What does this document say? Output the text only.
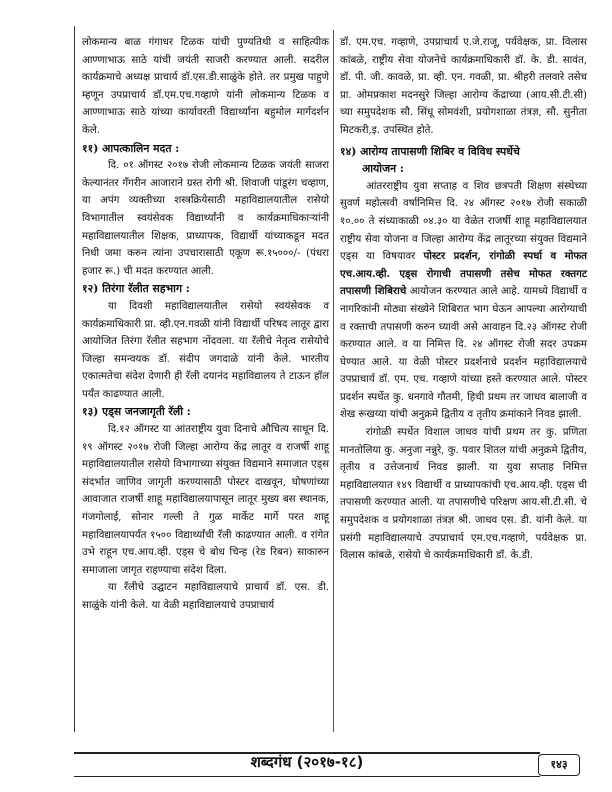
लोकमान्य बाळ गंगाधर टिळक यांची पुण्यतिथी व साहित्यीक आण्णाभाऊ साठे यांची जयंती साजरी करण्यात आली. सदरील कार्यक्रमाचे अध्यक्ष प्राचार्य डॉ.एस.डी.साळुंके होते. तर प्रमुख पाहुणे म्हणून उपप्राचार्य डॉ.एम.एच.गव्हाणे यांनी लोकमान्य टिळक व आण्णाभाऊ साठे यांच्या कार्यावरती विद्यार्थ्यांना बहुमोल मार्गदर्शन केले.

११) आपत्कालिन मदत :

दि. ०१ ऑगस्ट २०१७ रोजी लोकमान्य टिळक जयंती साजरा केल्यानंतर गॅंगरीन आजाराने ग्रस्त रोगी श्री. शिवाजी पांडूरंग चव्हाण, या अपंग व्यक्तीच्या शस्त्रक्रियेसाठी महाविद्यालयातील रासेयो विभागातील स्वयंसेवक विद्यार्थ्यांनी व कार्यक्रमाधिकाऱ्यांनी महाविद्यालयातील शिक्षक, प्राध्यापक, विद्यार्थी यांच्याकडून मदत निधी जमा करुन त्यांना उपचारासाठी एकूण रू.१५०००/- (पंधरा हजार रू.) ची मदत करण्यात आली.

१२) तिरंगा रॅलीत सहभाग :

या दिवशी महाविद्यालयातील रासेयो स्वयंसेवक व कार्यक्रमाधिकारी प्रा. व्ही.एन.गवळी यांनी विद्यार्थी परिषद लातूर द्वारा आयोजित तिरंगा रॅलीत सहभाग नोंदवला. या रॅलीचे नेतृत्व रासेयोचे जिल्हा समन्वयक डॉ. संदीप जगदाळे यांनी केले. भारतीय एकात्मतेचा संदेश देणारी ही रॅली दयानंद महाविद्यालय ते टाऊन हॉल पर्यंत काढण्यात आली.

१३) एड्स जनजागृती रॅली :

दि.१२ ऑगस्ट या आंतराष्ट्रीय युवा दिनाचे औचित्य साधून दि. १९ ऑगस्ट २०१७ रोजी जिल्हा आरोग्य केंद्र लातूर व राजर्षी शाहू महाविद्यालयातील रासेयो विभागाच्या संयुक्त विद्यमाने समाजात एड्स संदर्भात जाणिव जागृती करण्यासाठी पोस्टर दाखवून, घोषणांच्या आवाजात राजर्षी शाहू महाविद्यालयापासून लातूर मुख्य बस स्थानक, गंजगोलाई, सोनार गल्ली ते गुळ मार्केट मार्गे परत शाहू महाविद्यालयापर्यंत १५०० विद्यार्थ्यांची रॅली काढण्यात आली. व रांगेत उभे राहून एच.आय.व्ही. एड्स चे बोध चिन्ह (रेड रिबन) साकारुन समाजाला जागृत राहण्याचा संदेश दिला.

या रॅलीचे उद्घाटन महाविद्यालयाचे प्राचार्य डॉ. एस. डी. साळुंके यांनी केले. या वेळी महाविद्यालयाचे उपप्राचार्य

डॉ. एम.एच. गव्हाणे, उपप्राचार्य ए.जे.राजू, पर्यवेक्षक, प्रा. विलास कांबळे, राष्ट्रीय सेवा योजनेचे कार्यक्रमाधिकारी डॉ. के. डी. सावंत, डॉ. पी. जी. कावळे, प्रा. व्ही. एन. गवळी, प्रा. श्रीहरी तलवारे तसेच प्रा. ओमप्रकाश मदनसुरे जिल्हा आरोग्य केंद्राच्या (आय.सी.टी.सी) च्या समुपदेशक सौ. सिंधू सोमवंशी, प्रयोगशाळा तंत्रज्ञ, सौ. सुनीता मिटकरी,इ. उपस्थित होते.

१४) आरोग्य तापासणी शिबिर व विविध स्पर्धेचे
आयोजन :

आंतरराष्ट्रीय युवा सप्ताह व शिव छत्रपती शिक्षण संस्थेच्या सुवर्ण महोत्सवी वर्षानिमित्त दि. २४ ऑगस्ट २०१७ रोजी सकाळी १०.०० ते संध्याकाळी ०४.३० या वेळेत राजर्षी शाहू महाविद्यालयात राष्ट्रीय सेवा योजना व जिल्हा आरोग्य केंद्र लातूरच्या संयुक्त विद्यमाने एड्स या विषयावर पोस्टर प्रदर्शन, रांगोळी स्पर्धा व मोफत एच.आय.व्ही. एड्स रोगाची तपासणी तसेच मोफत रक्तगट तपासणी शिबिराचे आयोजन करण्यात आले आहे. यामध्ये विद्यार्थी व नागरिकांनी मोठ्या संख्येने शिबिरात भाग घेऊन आपल्या आरोग्याची व रक्ताची तपासणी करुन घ्यावी असे आवाहन दि.२३ ऑगस्ट रोजी करण्यात आले. व या निमित्त दि. २४ ऑगस्ट रोजी सदर उपक्रम घेण्यात आले. या वेळी पोस्टर प्रदर्शनाचे प्रदर्शन महाविद्यालयाचे उपप्राचार्य डॉ. एम. एच. गव्हाणे यांच्या हस्ते करण्यात आले. पोस्टर प्रदर्शन स्पर्धेत कु. धनगावे गौतमी, हिची प्रथम तर जाधव बालाजी व शेख रूखय्या यांची अनुक्रमे द्वितीय व तृतीय क्रमांकाने निवड झाली.

रांगोळी स्पर्धेत विशाल जाधव यांची प्रथम तर कु. प्रणिता मानतोलिया कु. अनुजा नन्नुरे, कु. पवार शितल यांची अनुक्रमे द्वितीय, तृतीय व उत्तेजनार्थ निवड झाली. या युवा सप्ताह निमित्त महाविद्यालयात १४९ विद्यार्थी व प्राध्यापकांची एच.आय.व्ही. एड्स ची तपासणी करण्यात आली. या तपासणीचे परिक्षण आय.सी.टी.सी. चे समुपदेशक व प्रयोगशाळा तंत्रज्ञ श्री. जाधव एस. डी. यांनी केले. या प्रसंगी महाविद्यालयाचे उपप्राचार्य एम.एच.गव्हाणे, पर्यवेक्षक प्रा. विलास कांबळे, रासेयो चे कार्यक्रमाधिकारी डॉ. के.डी.

शब्दगंध (२०१७-१८)	१४३
